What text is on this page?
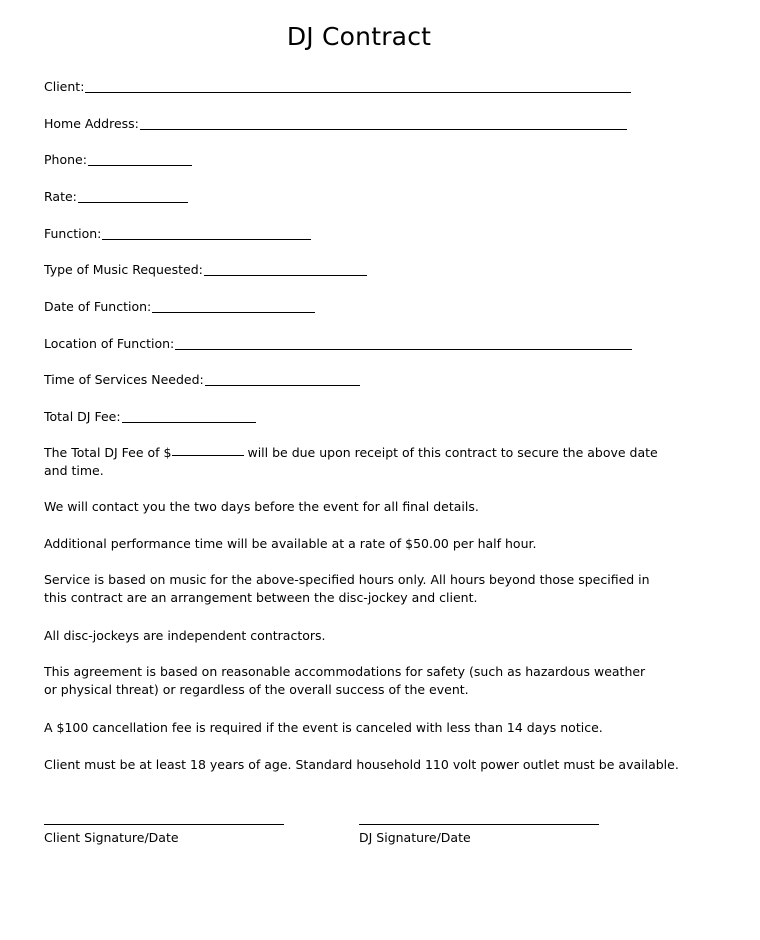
DJ Contract
Client:
Home Address:
Phone:
Rate:
Function:
Type of Music Requested:
Date of Function:
Location of Function:
Time of Services Needed:
Total DJ Fee:
The Total DJ Fee of $	will be due upon receipt of this contract to secure the above date and time.
We will contact you the two days before the event for all final details.
Additional performance time will be available at a rate of $50.00 per half hour.
Service is based on music for the above-specified hours only. All hours beyond those specified in this contract are an arrangement between the disc-jockey and client.
All disc-jockeys are independent contractors.
This agreement is based on reasonable accommodations for safety (such as hazardous weather or physical threat) or regardless of the overall success of the event.
A $100 cancellation fee is required if the event is canceled with less than 14 days notice.
Client must be at least 18 years of age. Standard household 110 volt power outlet must be available.
Client Signature/Date	DJ Signature/Date
